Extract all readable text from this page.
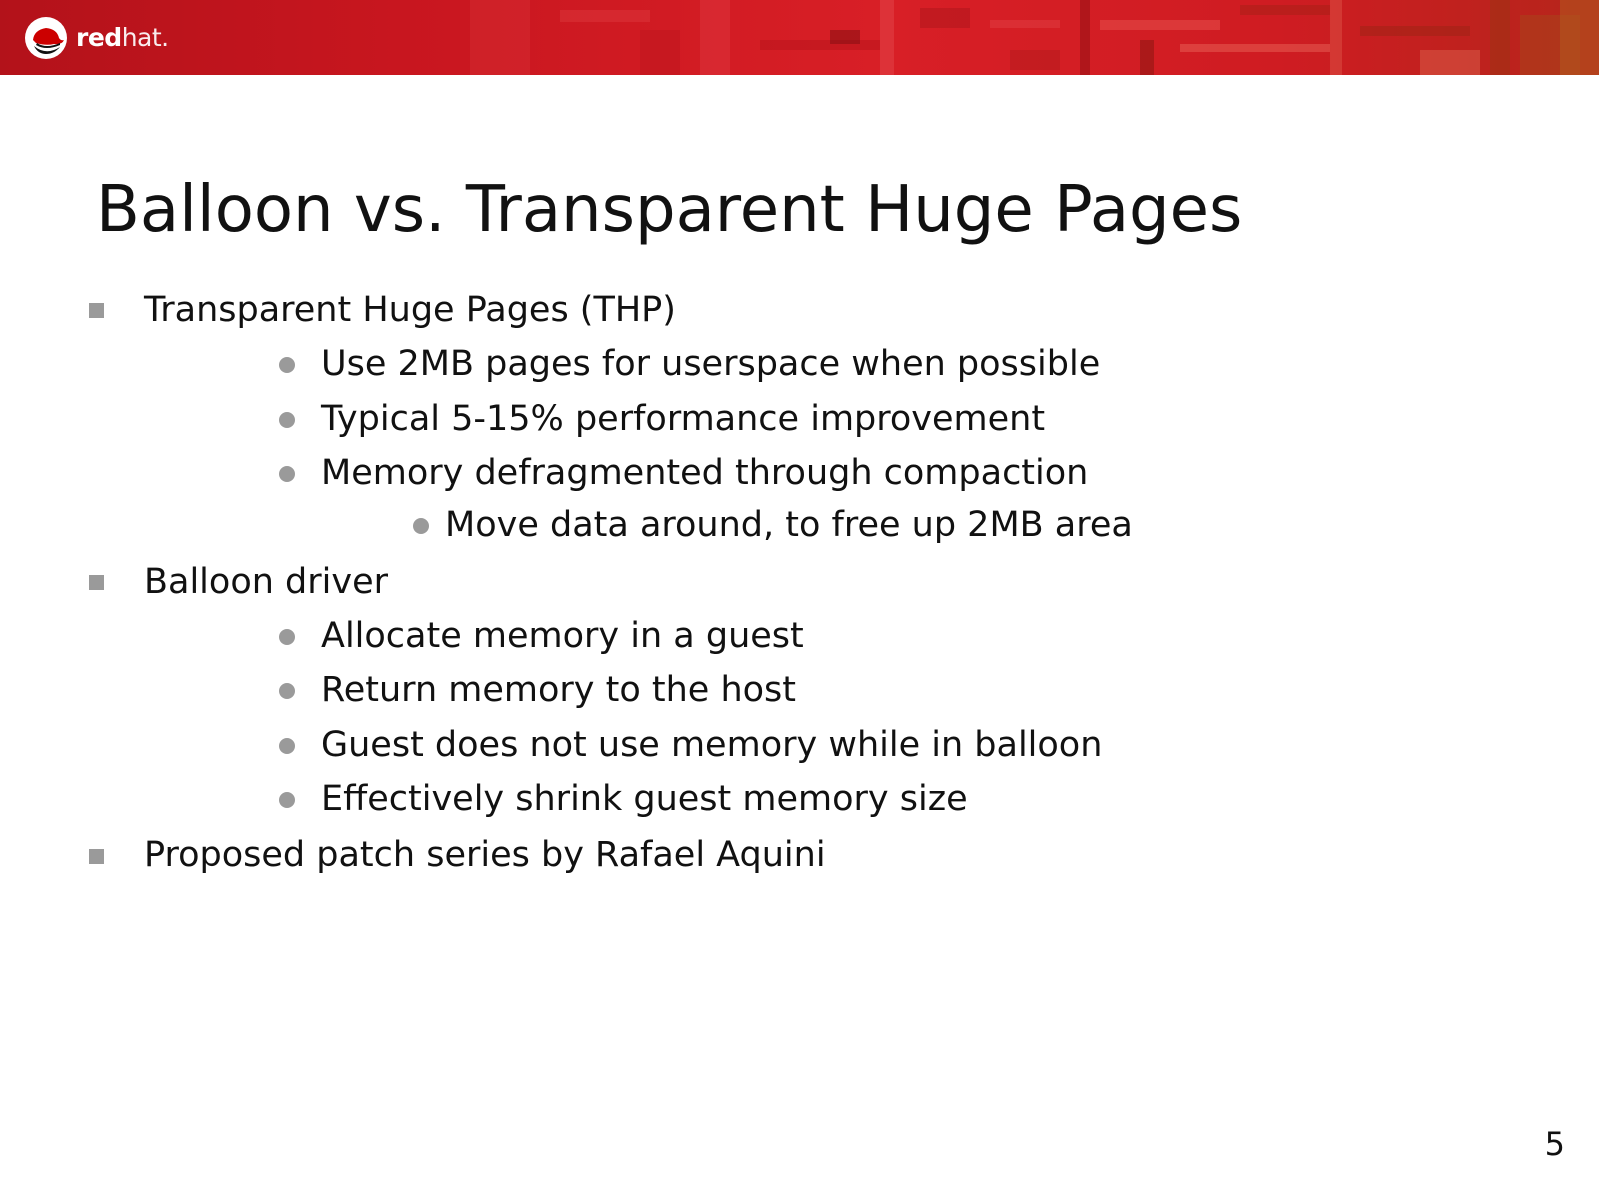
redhat.
Balloon vs. Transparent Huge Pages
Transparent Huge Pages (THP)
Use 2MB pages for userspace when possible
Typical 5-15% performance improvement
Memory defragmented through compaction
Move data around, to free up 2MB area
Balloon driver
Allocate memory in a guest
Return memory to the host
Guest does not use memory while in balloon
Effectively shrink guest memory size
Proposed patch series by Rafael Aquini
5
